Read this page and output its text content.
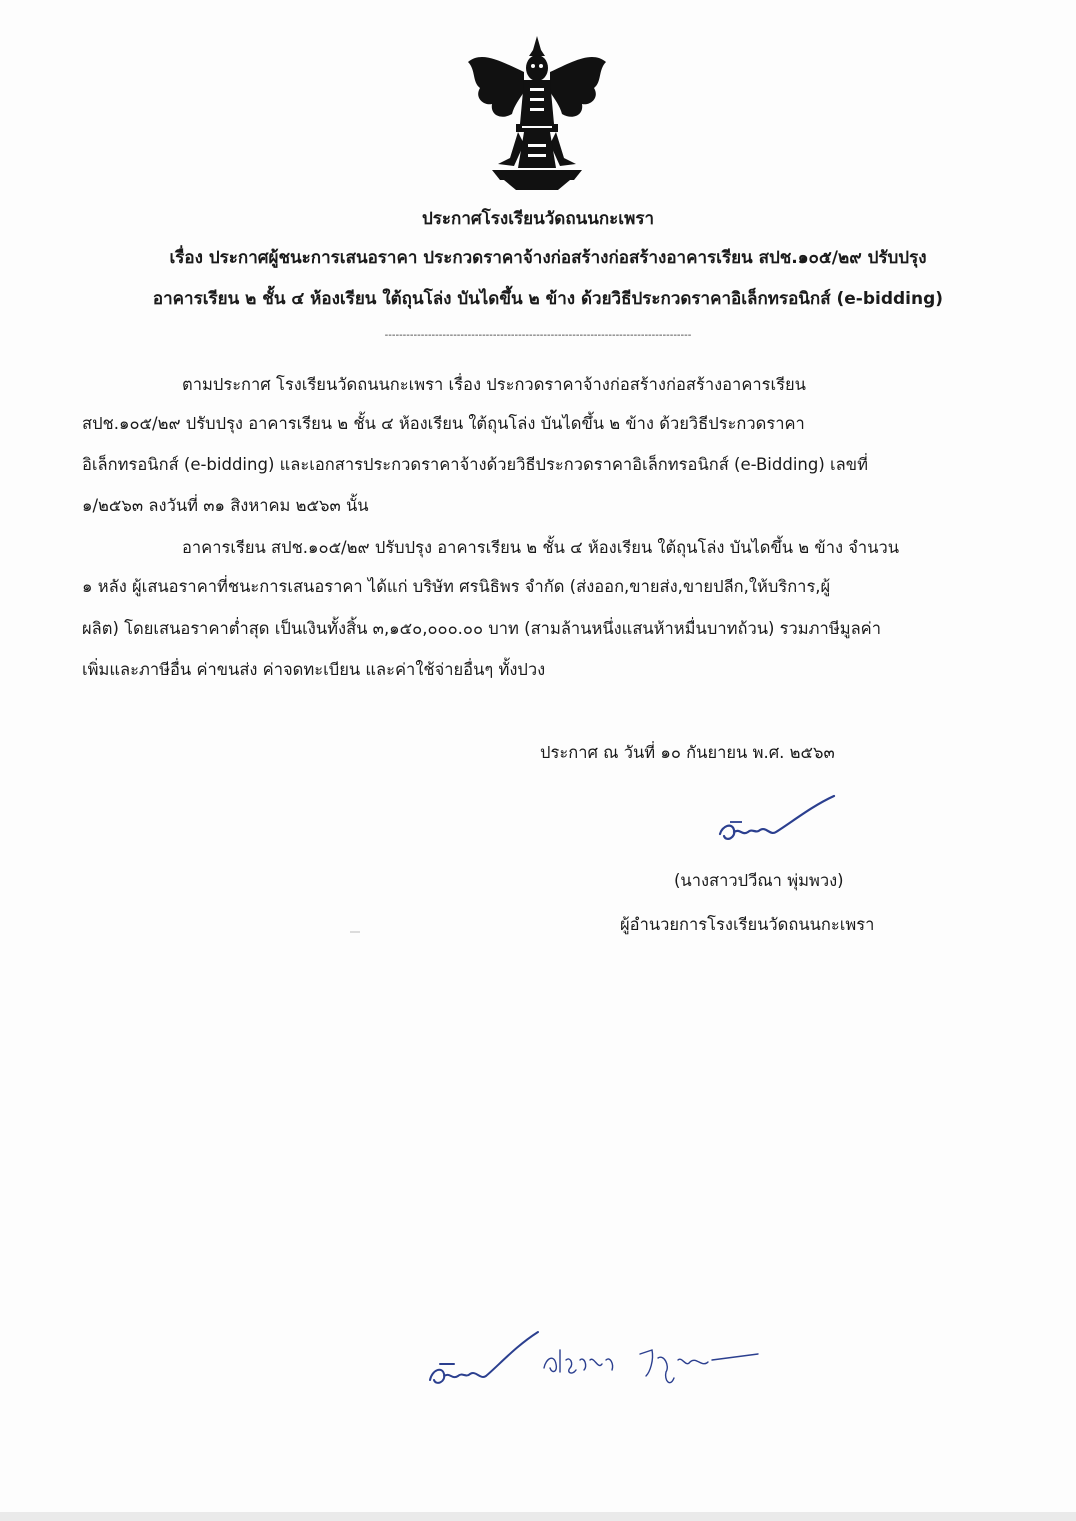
ประกาศโรงเรียนวัดถนนกะเพรา
เรื่อง ประกาศผู้ชนะการเสนอราคา ประกวดราคาจ้างก่อสร้างก่อสร้างอาคารเรียน สปช.๑๐๕/๒๙ ปรับปรุง
อาคารเรียน ๒ ชั้น ๔ ห้องเรียน ใต้ถุนโล่ง บันไดขึ้น ๒ ข้าง ด้วยวิธีประกวดราคาอิเล็กทรอนิกส์ (e-bidding)
-------------------------------------------------------------------------------------
ตามประกาศ โรงเรียนวัดถนนกะเพรา เรื่อง ประกวดราคาจ้างก่อสร้างก่อสร้างอาคารเรียน
สปช.๑๐๕/๒๙ ปรับปรุง อาคารเรียน ๒ ชั้น ๔ ห้องเรียน ใต้ถุนโล่ง บันไดขึ้น ๒ ข้าง ด้วยวิธีประกวดราคา
อิเล็กทรอนิกส์ (e-bidding) และเอกสารประกวดราคาจ้างด้วยวิธีประกวดราคาอิเล็กทรอนิกส์ (e-Bidding) เลขที่
๑/๒๕๖๓ ลงวันที่ ๓๑ สิงหาคม ๒๕๖๓ นั้น
อาคารเรียน สปช.๑๐๕/๒๙ ปรับปรุง อาคารเรียน ๒ ชั้น ๔ ห้องเรียน ใต้ถุนโล่ง บันไดขึ้น ๒ ข้าง จำนวน
๑ หลัง ผู้เสนอราคาที่ชนะการเสนอราคา ได้แก่ บริษัท ศรนิธิพร จำกัด (ส่งออก,ขายส่ง,ขายปลีก,ให้บริการ,ผู้
ผลิต) โดยเสนอราคาต่ำสุด เป็นเงินทั้งสิ้น ๓,๑๕๐,๐๐๐.๐๐ บาท (สามล้านหนึ่งแสนห้าหมื่นบาทถ้วน) รวมภาษีมูลค่า
เพิ่มและภาษีอื่น ค่าขนส่ง ค่าจดทะเบียน และค่าใช้จ่ายอื่นๆ ทั้งปวง
ประกาศ ณ วันที่ ๑๐ กันยายน พ.ศ. ๒๕๖๓
(นางสาวปวีณา พุ่มพวง)
ผู้อำนวยการโรงเรียนวัดถนนกะเพรา
